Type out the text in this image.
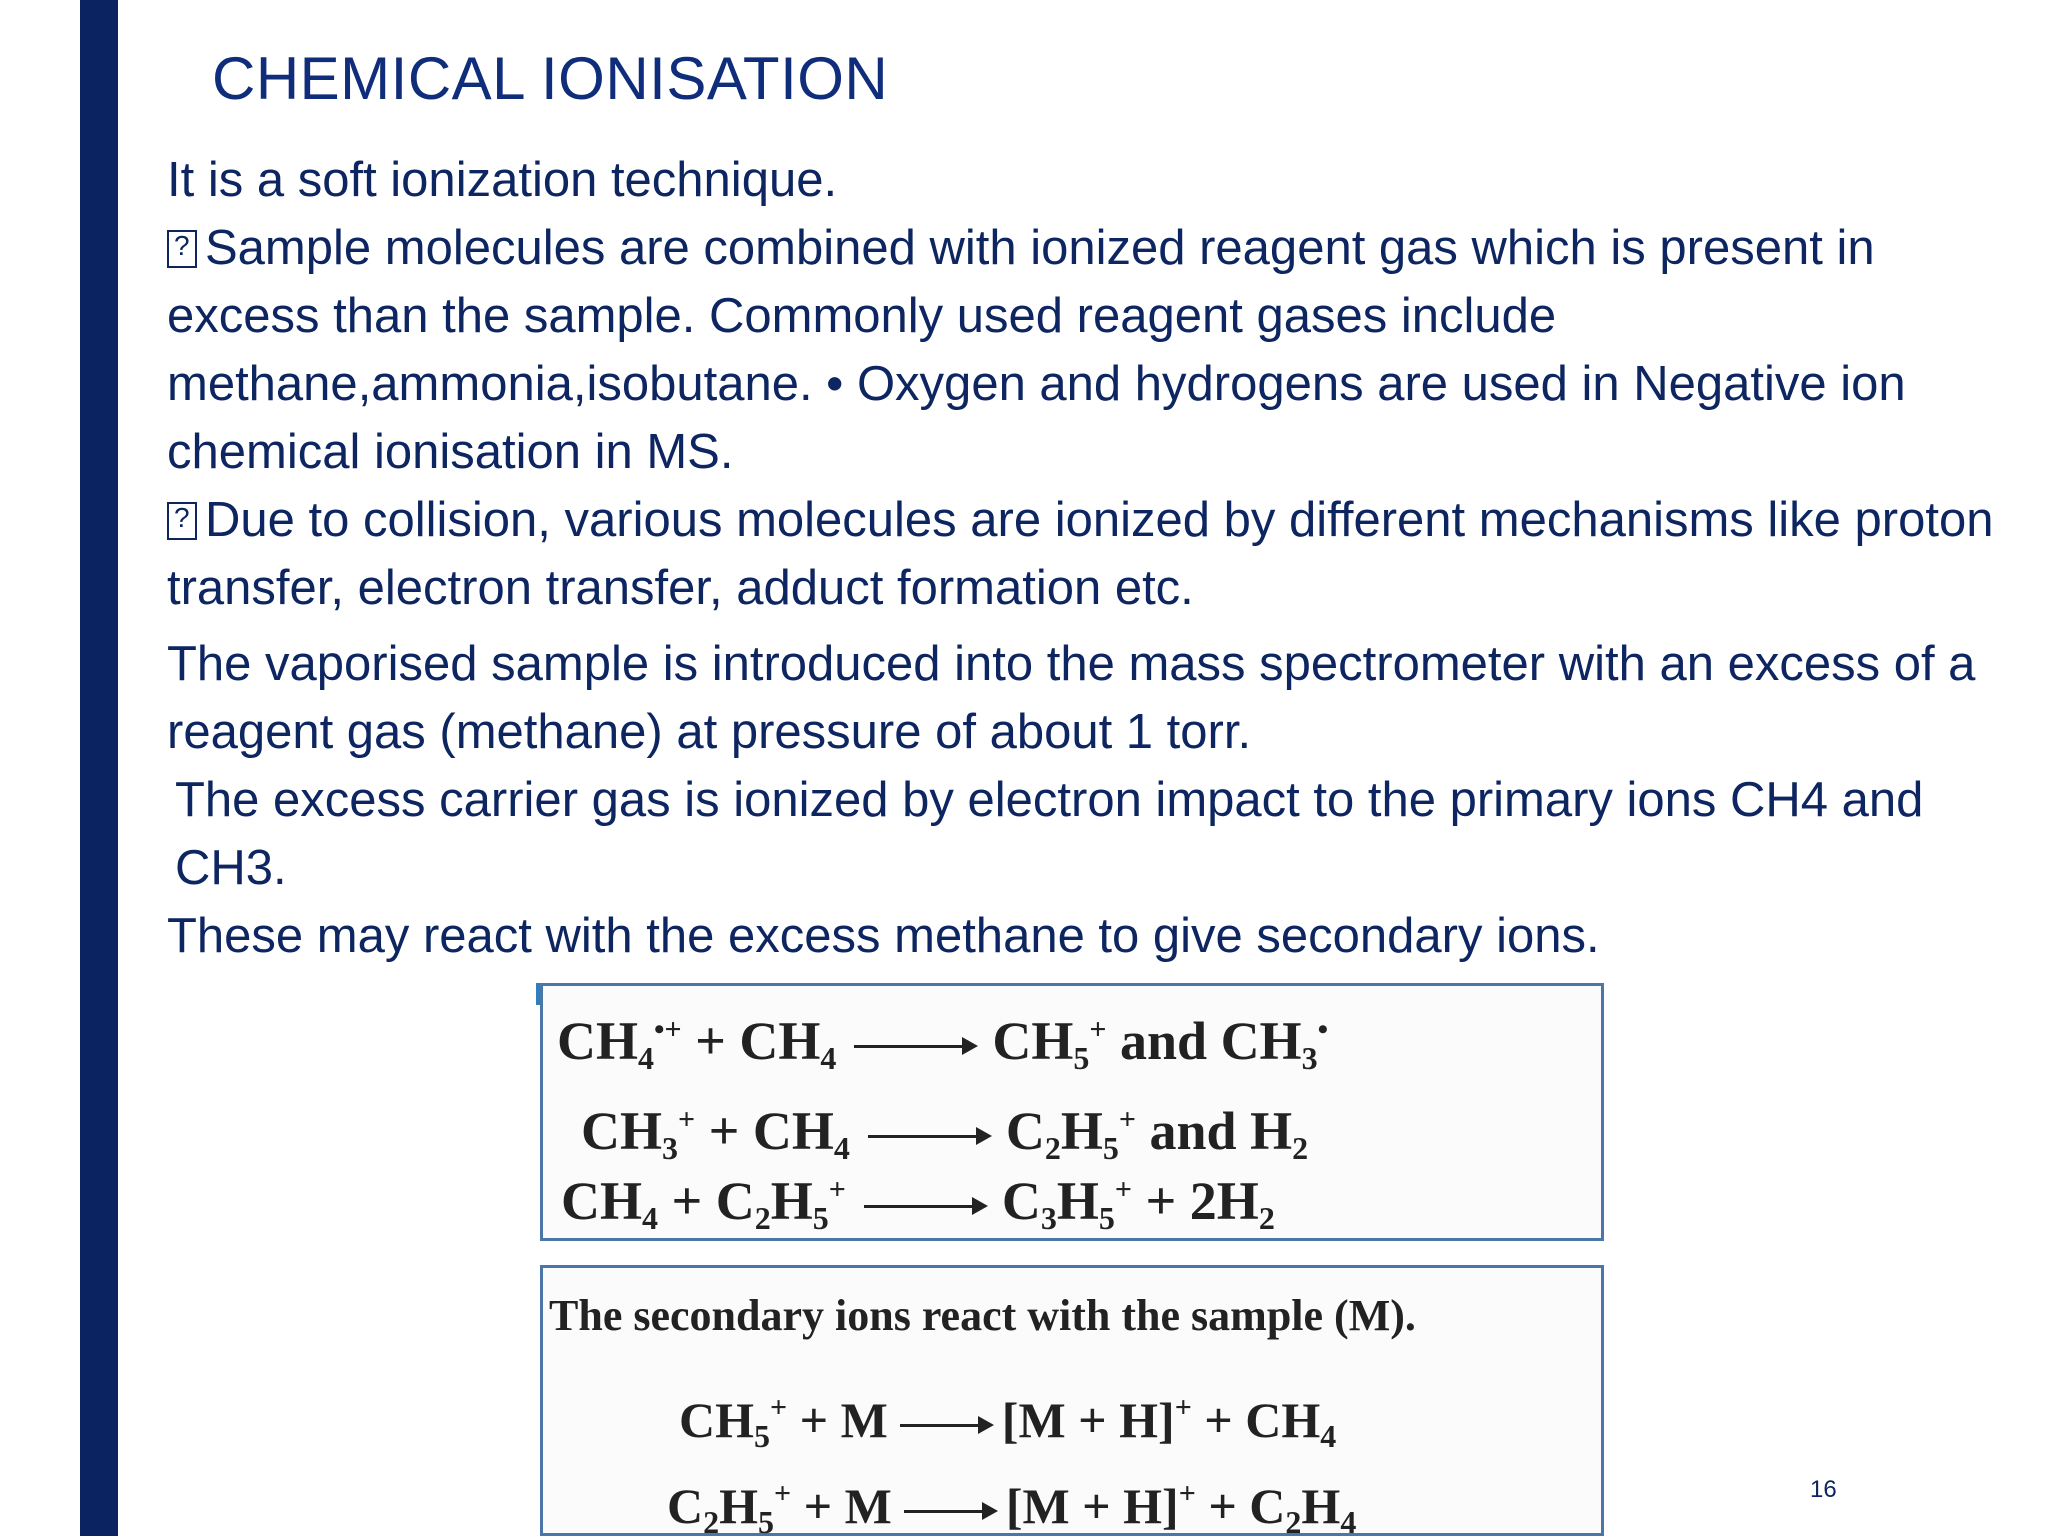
CHEMICAL IONISATION

It is a soft ionization technique.

?Sample molecules are combined with ionized reagent gas which is present in excess than the sample. Commonly used reagent gases include methane,ammonia,isobutane. • Oxygen and hydrogens are used in Negative ion chemical ionisation in MS.

?Due to collision, various molecules are ionized by different mechanisms like proton transfer, electron transfer, adduct formation etc.

The vaporised sample is introduced into the mass spectrometer with an excess of a reagent gas (methane) at pressure of about 1 torr.

The excess carrier gas is ionized by electron impact to the primary ions CH4 and CH3.

These may react with the excess methane to give secondary ions.

$CH_4^{•+} + CH_4$	$CH_5^+$ and $CH_3^•$
$CH_3^+ + CH_4$	$C_2H_5^+$ and $H_2$
$CH_4 + C_2H_5^+$	$C_3H_5^+ + 2H_2$
The secondary ions react with the sample (M).
$CH_5^+ + M$ $[M + H]^+ + CH_4$
$C_2H_5^+ + M$ $[M + H]^+ + C_2H_4$
16
